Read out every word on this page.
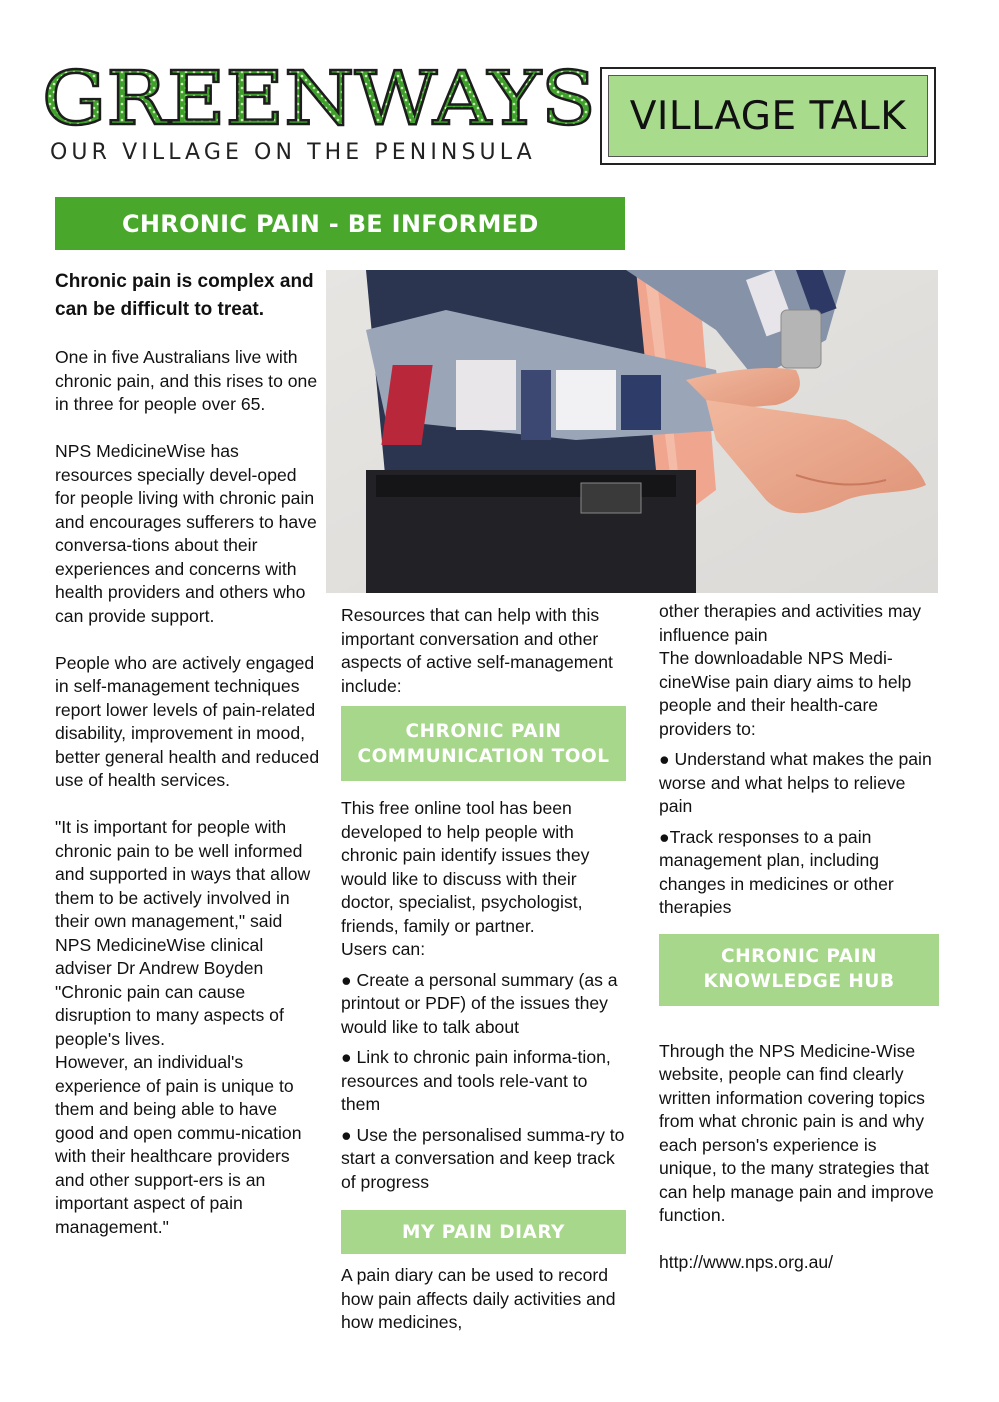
GREENWAYS
OUR VILLAGE ON THE PENINSULA
VILLAGE TALK
CHRONIC PAIN - BE INFORMED

Chronic pain is complex and can be difficult to treat.

One in five Australians live with chronic pain, and this rises to one in three for people over 65.

NPS MedicineWise has resources specially devel-oped for people living with chronic pain and encourages sufferers to have conversa-tions about their experiences and concerns with health providers and others who can provide support.

People who are actively engaged in self-management techniques report lower levels of pain-related disability, improvement in mood, better general health and reduced use of health services.

"It is important for people with chronic pain to be well informed and supported in ways that allow them to be actively involved in their own management," said NPS MedicineWise clinical adviser Dr Andrew Boyden

"Chronic pain can cause disruption to many aspects of people's lives.

However, an individual's experience of pain is unique to them and being able to have good and open commu-nication with their healthcare providers and other support-ers is an important aspect of pain management."

Resources that can help with this important conversation and other aspects of active self-management include:

CHRONIC PAIN COMMUNICATION TOOL

This free online tool has been developed to help people with chronic pain identify issues they would like to discuss with their doctor, specialist, psychologist, friends, family or partner.

Users can:

● Create a personal summary (as a printout or PDF) of the issues they would like to talk about

● Link to chronic pain informa-tion, resources and tools rele-vant to them

● Use the personalised summa-ry to start a conversation and keep track of progress

MY PAIN DIARY

A pain diary can be used to record how pain affects daily activities and how medicines,

other therapies and activities may influence pain

The downloadable NPS Medi-cineWise pain diary aims to help people and their health-care providers to:

● Understand what makes the pain worse and what helps to relieve pain

●Track responses to a pain management plan, including changes in medicines or other therapies

CHRONIC PAIN KNOWLEDGE HUB

Through the NPS Medicine-Wise website, people can find clearly written information covering topics from what chronic pain is and why each person's experience is unique, to the many strategies that can help manage pain and improve function.

http://www.nps.org.au/
